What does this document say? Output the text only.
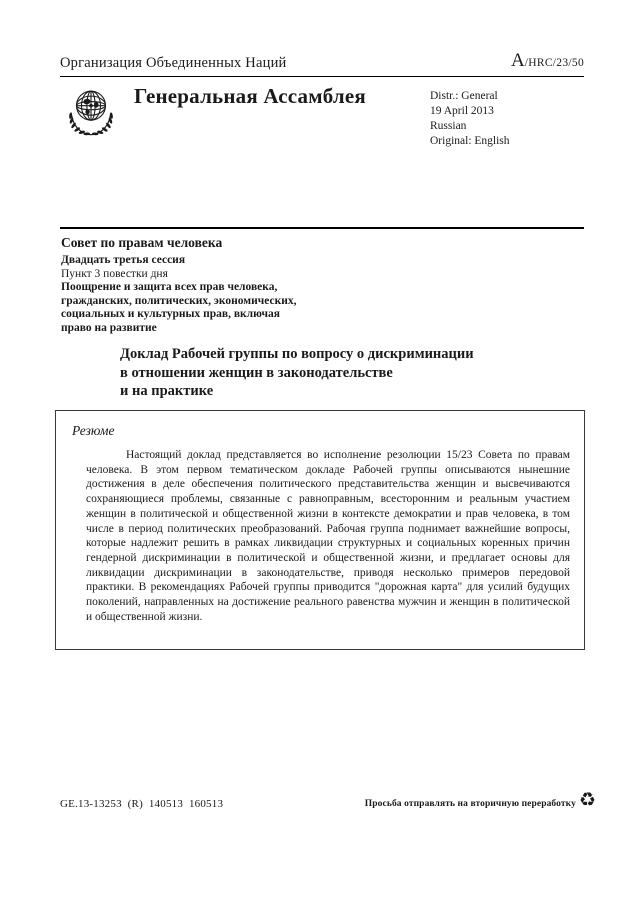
Организация Объединенных Наций	A/HRC/23/50
Генеральная Ассамблея	Distr.: General
19 April 2013
Russian
Original: English
Совет по правам человека
Двадцать третья сессия
Пункт 3 повестки дня
Поощрение и защита всех прав человека,
гражданских, политических, экономических,
социальных и культурных прав, включая
право на развитие
Доклад Рабочей группы по вопросу о дискриминации
в отношении женщин в законодательстве
и на практике
Резюме

Настоящий доклад представляется во исполнение резолюции 15/23 Совета по правам человека. В этом первом тематическом докладе Рабочей группы описываются нынешние достижения в деле обеспечения политического представительства женщин и высвечиваются сохраняющиеся проблемы, связанные с равноправным, всесторонним и реальным участием женщин в политической и общественной жизни в контексте демократии и прав человека, в том числе в период политических преобразований. Рабочая группа поднимает важнейшие вопросы, которые надлежит решить в рамках ликвидации структурных и социальных коренных причин гендерной дискриминации в политической и общественной жизни, и предлагает основы для ликвидации дискриминации в законодательстве, приводя несколько примеров передовой практики. В рекомендациях Рабочей группы приводится "дорожная карта" для усилий будущих поколений, направленных на достижение реального равенства мужчин и женщин в политической и общественной жизни.

GE.13-13253  (R)  140513  160513	Просьба отправлять на вторичную переработку ♻
